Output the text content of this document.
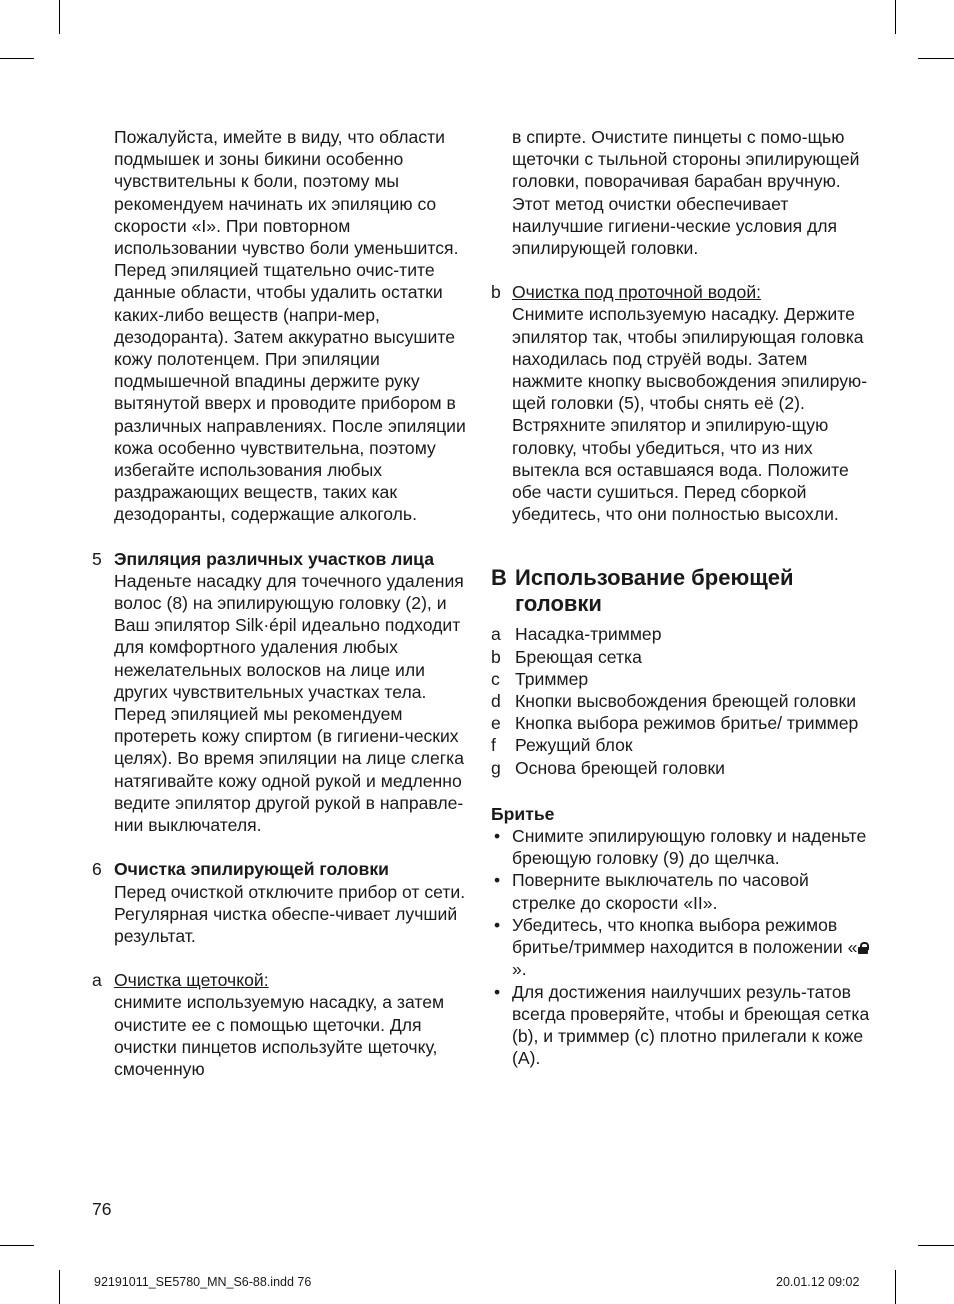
Пожалуйста, имейте в виду, что области подмышек и зоны бикини особенно чувствительны к боли, поэтому мы рекомендуем начинать их эпиляцию со скорости «I». При повторном использовании чувство боли уменьшится.

Перед эпиляцией тщательно очис-тите данные области, чтобы удалить остатки каких-либо веществ (напри-мер, дезодоранта). Затем аккуратно высушите кожу полотенцем. При эпиляции подмышечной впадины держите руку вытянутой вверх и проводите прибором в различных направлениях. После эпиляции кожа особенно чувствительна, поэтому избегайте использования любых раздражающих веществ, таких как дезодоранты, содержащие алкоголь.

5 Эпиляция различных участков лица

Наденьте насадку для точечного удаления волос (8) на эпилирующую головку (2), и Ваш эпилятор Silk·épil идеально подходит для комфортного удаления любых нежелательных волосков на лице или других чувствительных участках тела.

Перед эпиляцией мы рекомендуем протереть кожу спиртом (в гигиени-ческих целях). Во время эпиляции на лице слегка натягивайте кожу одной рукой и медленно ведите эпилятор другой рукой в направле-нии выключателя.

6 Очистка эпилирующей головки

Перед очисткой отключите прибор от сети. Регулярная чистка обеспе-чивает лучший результат.

a Очистка щеточкой:

снимите используемую насадку, а затем очистите ее с помощью щеточки. Для очистки пинцетов используйте щеточку, смоченную

в спирте. Очистите пинцеты с помо-щью щеточки с тыльной стороны эпилирующей головки, поворачивая барабан вручную. Этот метод очистки обеспечивает наилучшие гигиени-ческие условия для эпилирующей головки.

b Очистка под проточной водой:

Снимите используемую насадку. Держите эпилятор так, чтобы эпилирующая головка находилась под струёй воды. Затем нажмите кнопку высвобождения эпилирую-щей головки (5), чтобы снять её (2). Встряхните эпилятор и эпилирую-щую головку, чтобы убедиться, что из них вытекла вся оставшаяся вода. Положите обе части сушиться. Перед сборкой убедитесь, что они полностью высохли.

B Использование бреющей головки
a Насадка-триммер
b Бреющая сетка
c Триммер
d Кнопки высвобождения бреющей головки
e Кнопка выбора режимов бритье/ триммер
f Режущий блок
g Основа бреющей головки

Бритье

• Снимите эпилирующую головку и наденьте бреющую головку (9) до щелчка.
• Поверните выключатель по часовой стрелке до скорости «II».
• Убедитесь, что кнопка выбора режимов бритье/триммер находится в положении «
».
• Для достижения наилучших резуль-татов всегда проверяйте, чтобы и бреющая сетка (b), и триммер (c) плотно прилегали к коже (A).
76
92191011_SE5780_MN_S6-88.indd 76	20.01.12 09:02
